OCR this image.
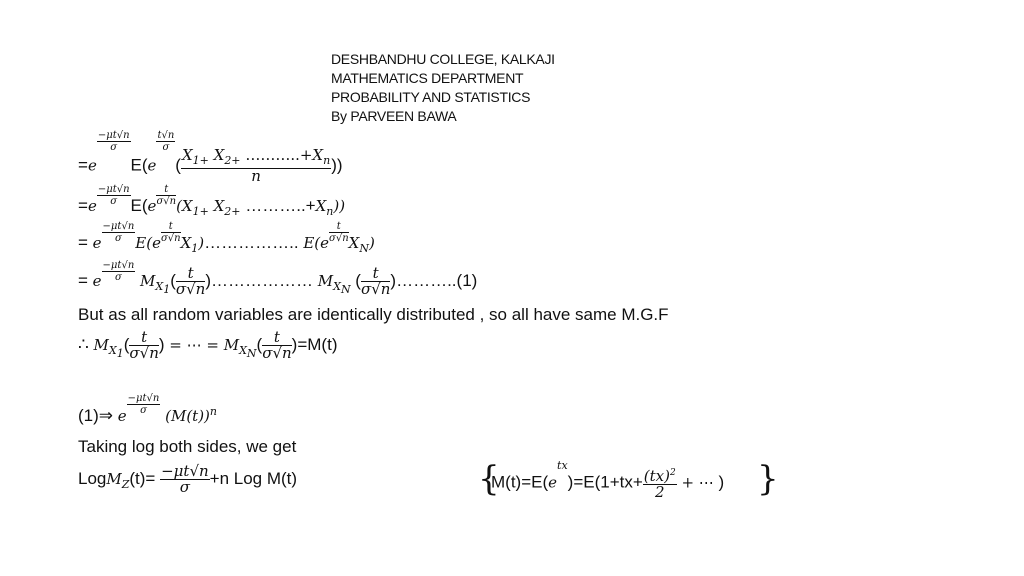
DESHBANDHU COLLEGE, KALKAJI
MATHEMATICS DEPARTMENT
PROBABILITY AND STATISTICS
By PARVEEN BAWA
=e
$\frac{-\mu t√n}{\sigma}$
E(e
$\frac{t√n}{\sigma}$
( $\frac{X_{1+} X_{2+} \dots\dots\dots..+X_n}{n}$ ))
$=e \frac{-\mu t√n}{\sigma} E(e \frac{t}{\sigma√n} (X_{1+}$ $X_{2+}$ $\dots\dots\dots..+X_n$))
= e $\frac{-\mu t√n}{\sigma} E(e \frac{t}{\sigma√n}$ $X_1)\dots\dots\dots\dots\dots$.. $E(e \frac{t}{\sigma√n} X_N)$
= e $\frac{-\mu t√n}{\sigma} M_{X_1}( \frac{t}{\sigma√n}$ )……………… $M_{X_N}$ ( $\frac{t}{\sigma√n}$ )………..(1)
But as all random variables are identically distributed , so all have same M.G.F
∴ $M_{X_1}( \frac{t}{\sigma√n}$ ) = ⋯ = $M_{X_N}( \frac{t}{\sigma√n} )=M(t)$
(1)⇒ e $\frac{-\mu t√n}{\sigma} (M(t))^n$
Taking log both sides, we get
LogM$_Z$(t)= $\frac{-\mu t√n}{\sigma} +n$ Log M(t)	{
$M(t)=E(etx)=E(1+tx+ \frac{(tx)^2}{2}$ + ⋯ ) }
